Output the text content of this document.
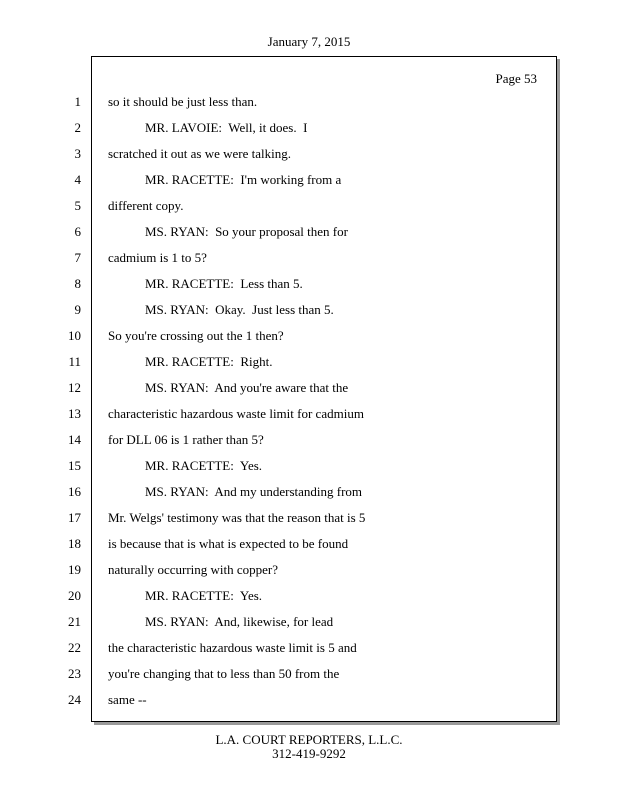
January 7, 2015
Page 53
1
2
3
4
5
6
7
8
9
10
11
12
13
14
15
16
17
18
19
20
21
22
23
24
so it should be just less than.
MR. LAVOIE:  Well, it does.  I
scratched it out as we were talking.
MR. RACETTE:  I'm working from a
different copy.
MS. RYAN:  So your proposal then for
cadmium is 1 to 5?
MR. RACETTE:  Less than 5.
MS. RYAN:  Okay.  Just less than 5.
So you're crossing out the 1 then?
MR. RACETTE:  Right.
MS. RYAN:  And you're aware that the
characteristic hazardous waste limit for cadmium
for DLL 06 is 1 rather than 5?
MR. RACETTE:  Yes.
MS. RYAN:  And my understanding from
Mr. Welgs' testimony was that the reason that is 5
is because that is what is expected to be found
naturally occurring with copper?
MR. RACETTE:  Yes.
MS. RYAN:  And, likewise, for lead
the characteristic hazardous waste limit is 5 and
you're changing that to less than 50 from the
same --
L.A. COURT REPORTERS, L.L.C.
312-419-9292
